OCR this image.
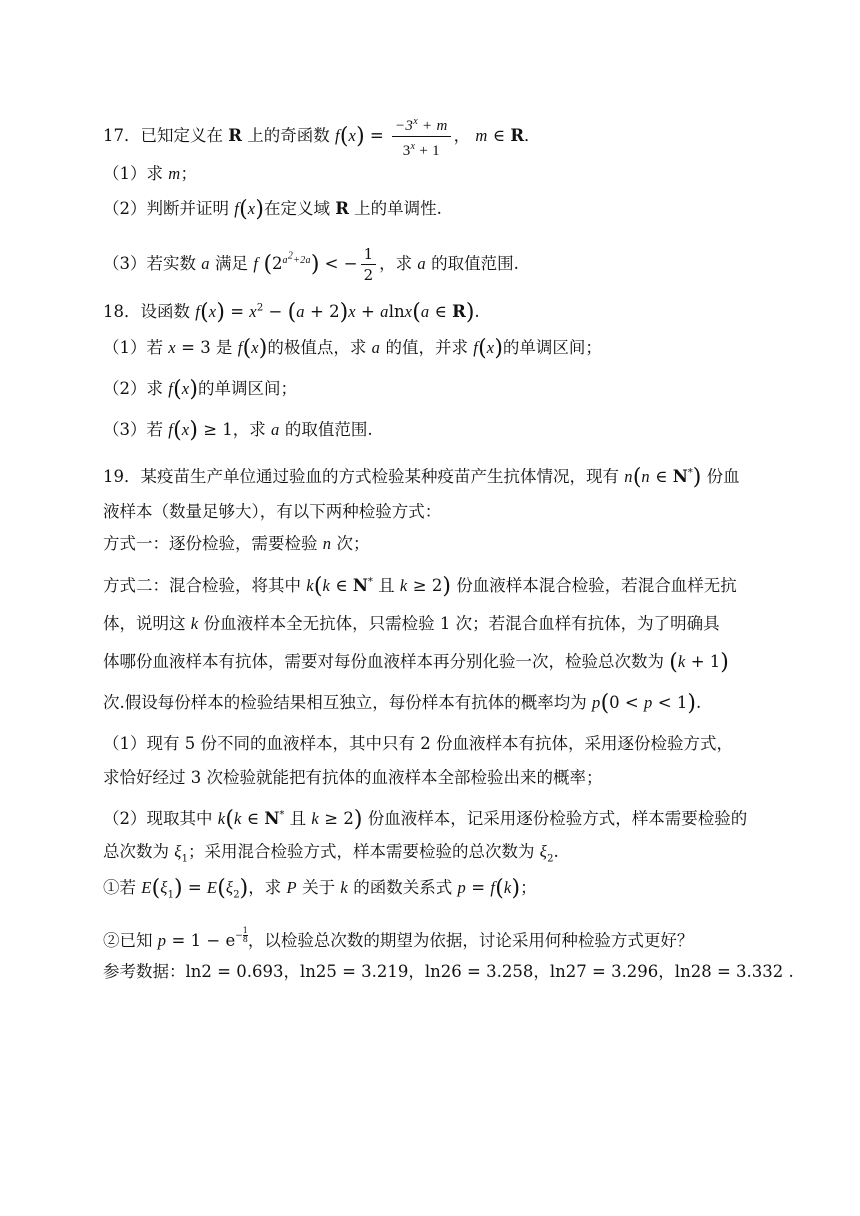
17．已知定义在 R 上的奇函数 $f(x) = \frac{-3^x + m}{3^x + 1}$ ， m ∈ R．
（1）求 m；
（2）判断并证明 f(x)在定义域 R 上的单调性.
（3）若实数 a 满足 f $(2^{a^2+2a})$ < − $\frac{1}{2}$ ，求 a 的取值范围.
18．设函数 $f(x) = x^2 - (a + 2)x + alnx(a$ ∈ R).
（1）若 x = 3 是 f(x)的极值点，求 a 的值，并求 f(x)的单调区间；
（2）求 f(x)的单调区间；
（3）若 f(x) ≥ 1，求 a 的取值范围.
19．某疫苗生产单位通过验血的方式检验某种疫苗产生抗体情况，现有 n(n ∈ N*) 份血
液样本（数量足够大），有以下两种检验方式：
方式一：逐份检验，需要检验 n 次；
方式二：混合检验，将其中 k(k ∈ N* 且 k ≥ 2) 份血液样本混合检验，若混合血样无抗
体，说明这 k 份血液样本全无抗体，只需检验 1 次；若混合血样有抗体，为了明确具
体哪份血液样本有抗体，需要对每份血液样本再分别化验一次，检验总次数为 (k + 1)
次.假设每份样本的检验结果相互独立，每份样本有抗体的概率均为 p(0 < p < 1).
（1）现有 5 份不同的血液样本，其中只有 2 份血液样本有抗体，采用逐份检验方式，
求恰好经过 3 次检验就能把有抗体的血液样本全部检验出来的概率；
（2）现取其中 k(k ∈ N* 且 k ≥ 2) 份血液样本，记采用逐份检验方式，样本需要检验的
总次数为 $\xi_1$；采用混合检验方式，样本需要检验的总次数为 $\xi_2$.
①若 $E(\xi_1) = E(\xi_2)$，求 P 关于 k 的函数关系式 p = f(k)；
②已知 $p = 1 - e^{- \frac{1}{8}}$ ，以检验总次数的期望为依据，讨论采用何种检验方式更好？
参考数据：ln2 = 0.693，ln25 = 3.219，ln26 = 3.258，ln27 = 3.296，ln28 = 3.332 .
